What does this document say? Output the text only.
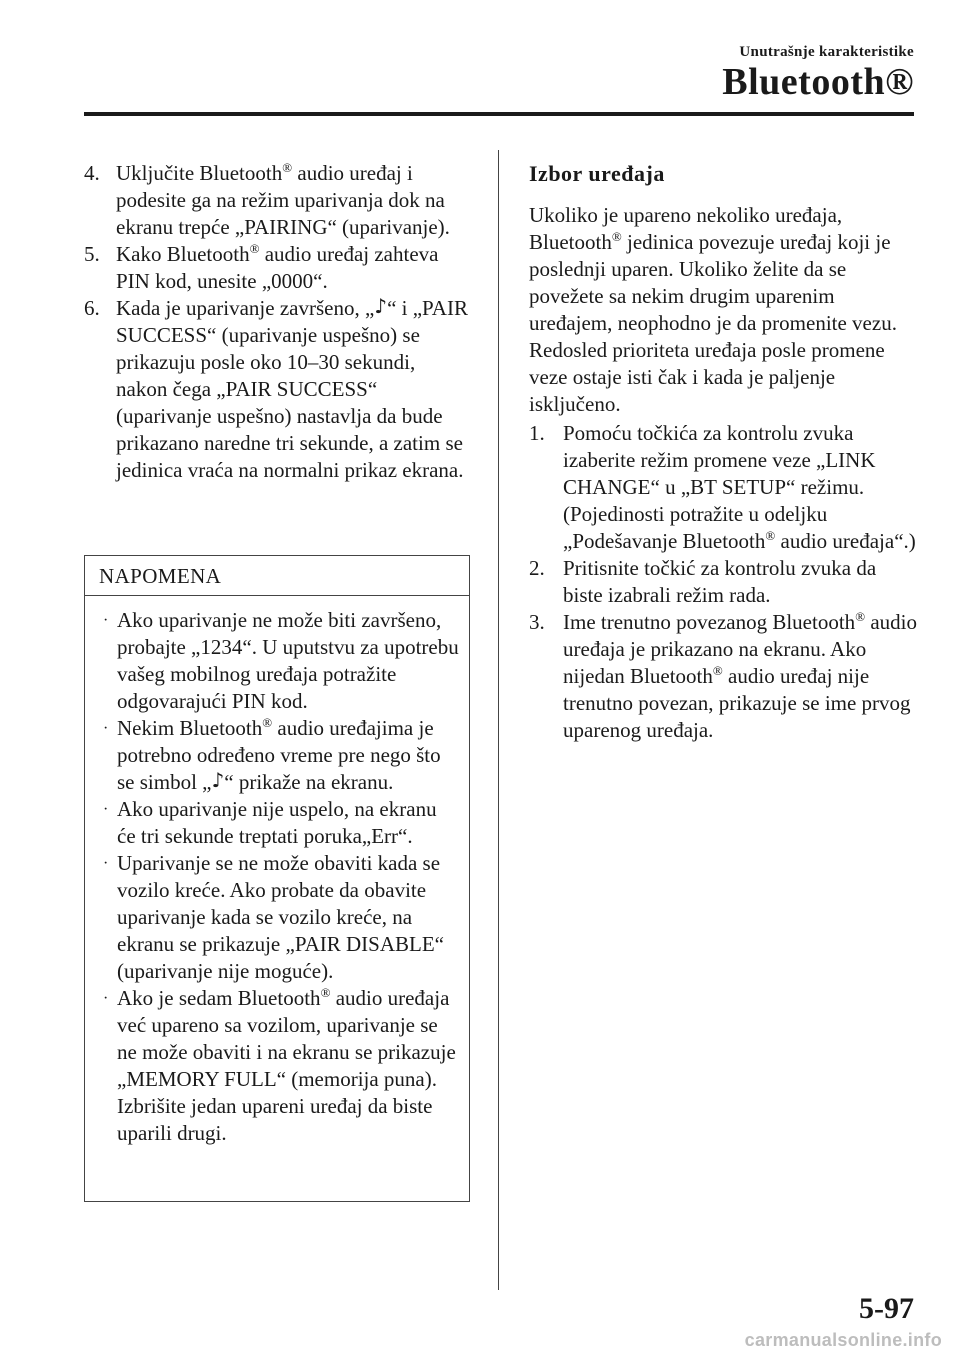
Unutrašnje karakteristike
Bluetooth®
4. Uključite Bluetooth® audio uređaj i podesite ga na režim uparivanja dok na ekranu trepće „PAIRING“ (uparivanje).
5. Kako Bluetooth® audio uređaj zahteva PIN kod, unesite „0000“.
6. Kada je uparivanje završeno, „♪“ i „PAIR SUCCESS“ (uparivanje uspešno) se prikazuju posle oko 10–30 sekundi, nakon čega „PAIR SUCCESS“ (uparivanje uspešno) nastavlja da bude prikazano naredne tri sekunde, a zatim se jedinica vraća na normalni prikaz ekrana.
NAPOMENA
· Ako uparivanje ne može biti završeno, probajte „1234“. U uputstvu za upotrebu vašeg mobilnog uređaja potražite odgovarajući PIN kod.
· Nekim Bluetooth® audio uređajima je potrebno određeno vreme pre nego što se simbol „♪“ prikaže na ekranu.
· Ako uparivanje nije uspelo, na ekranu će tri sekunde treptati poruka„Err“.
· Uparivanje se ne može obaviti kada se vozilo kreće. Ako probate da obavite uparivanje kada se vozilo kreće, na ekranu se prikazuje „PAIR DISABLE“ (uparivanje nije moguće).
· Ako je sedam Bluetooth® audio uređaja već upareno sa vozilom, uparivanje se ne može obaviti i na ekranu se prikazuje „MEMORY FULL“ (memorija puna). Izbrišite jedan upareni uređaj da biste uparili drugi.
Izbor uređaja

Ukoliko je upareno nekoliko uređaja, Bluetooth® jedinica povezuje uređaj koji je poslednji uparen. Ukoliko želite da se povežete sa nekim drugim uparenim uređajem, neophodno je da promenite vezu. Redosled prioriteta uređaja posle promene veze ostaje isti čak i kada je paljenje isključeno.

1. Pomoću točkića za kontrolu zvuka izaberite režim promene veze „LINK CHANGE“ u „BT SETUP“ režimu. (Pojedinosti potražite u odeljku „Podešavanje Bluetooth® audio uređaja“.)
2. Pritisnite točkić za kontrolu zvuka da biste izabrali režim rada.
3. Ime trenutno povezanog Bluetooth® audio uređaja je prikazano na ekranu. Ako nijedan Bluetooth® audio uređaj nije trenutno povezan, prikazuje se ime prvog uparenog uređaja.
5-97
carmanualsonline.info
